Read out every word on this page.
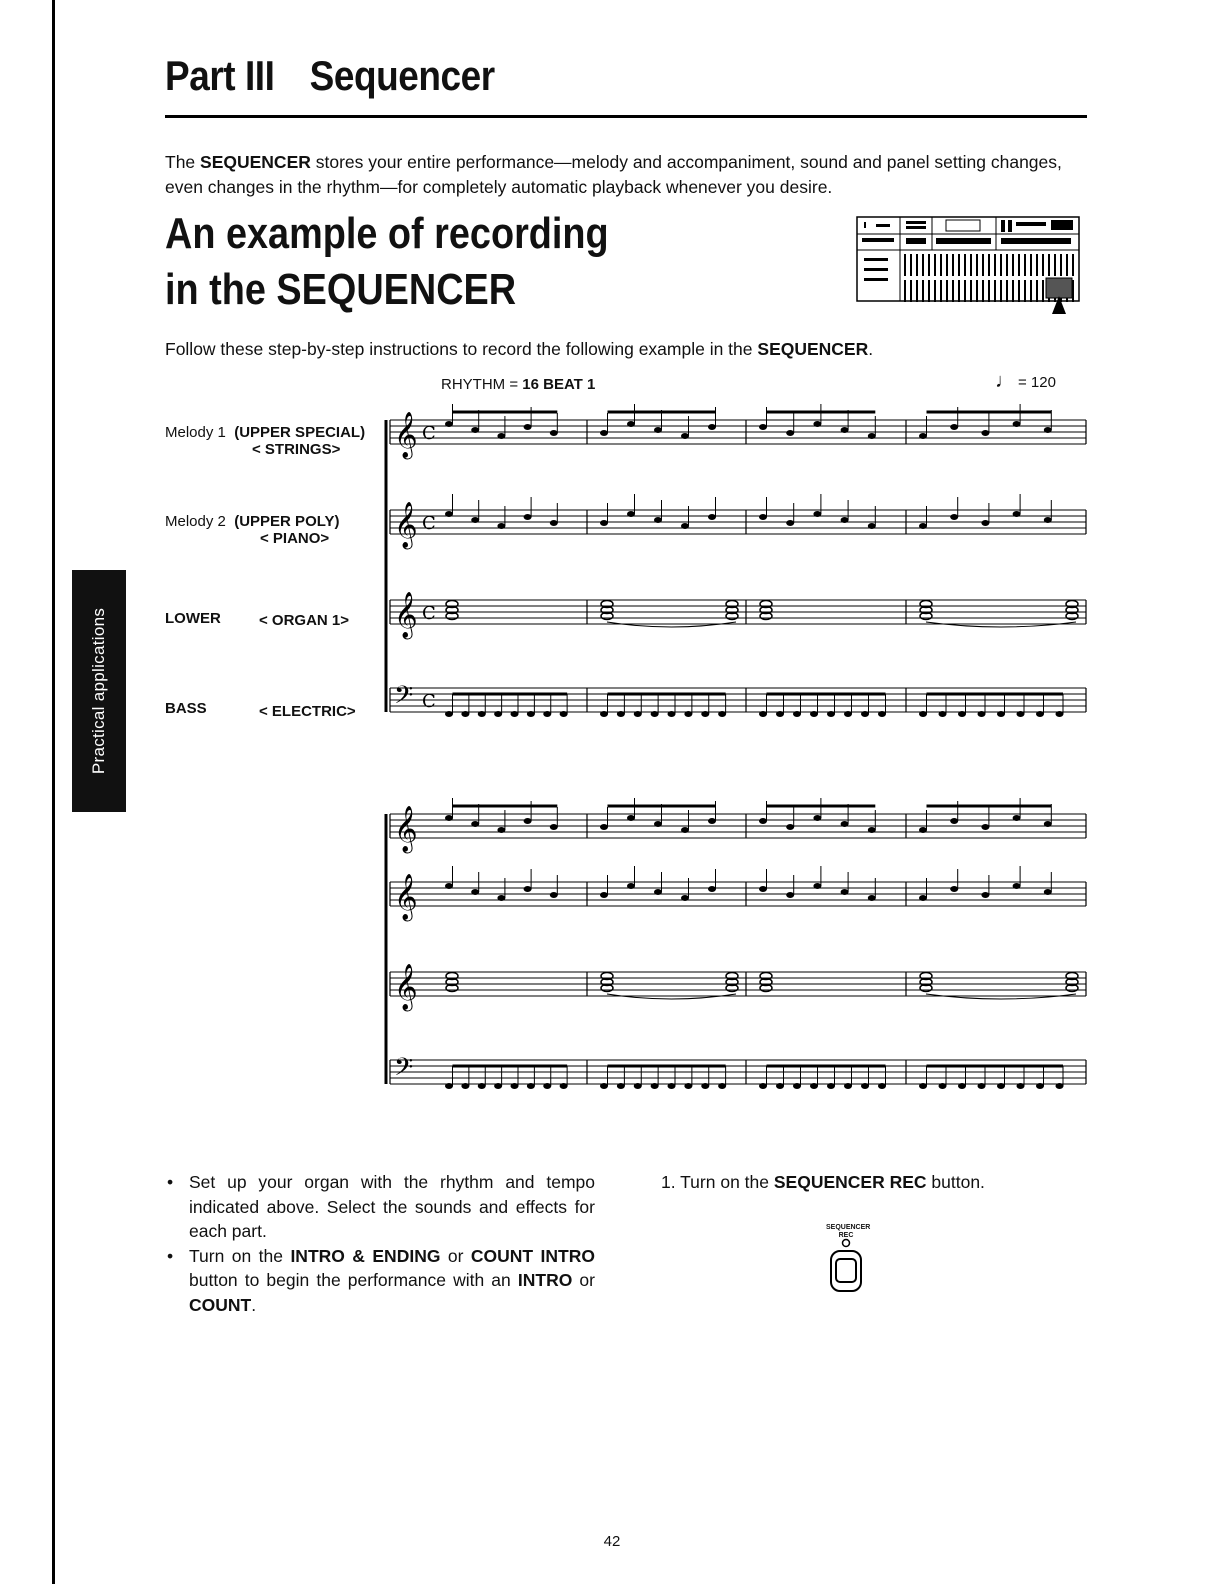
Practical applications
Part III Sequencer

The SEQUENCER stores your entire performance—melody and accompaniment, sound and panel setting changes, even changes in the rhythm—for completely automatic playback whenever you desire.

An example of recording
in the SEQUENCER

Follow these step-by-step instructions to record the following example in the SEQUENCER.

RHYTHM = 16 BEAT 1	♩ = 120
Melody 1 (UPPER SPECIAL)
< STRINGS>
Melody 2 (UPPER POLY)
< PIANO>
LOWER	< ORGAN 1>
BASS	< ELECTRIC>
𝄞 C
𝄞 C
𝄞 C
𝄢 C
𝄞
𝄞
𝄞
𝄢
• Set up your organ with the rhythm and tempo indicated above. Select the sounds and effects for each part.
• Turn on the INTRO & ENDING or COUNT INTRO button to begin the performance with an INTRO or COUNT.

1. Turn on the SEQUENCER REC button.

SEQUENCER
REC
42
